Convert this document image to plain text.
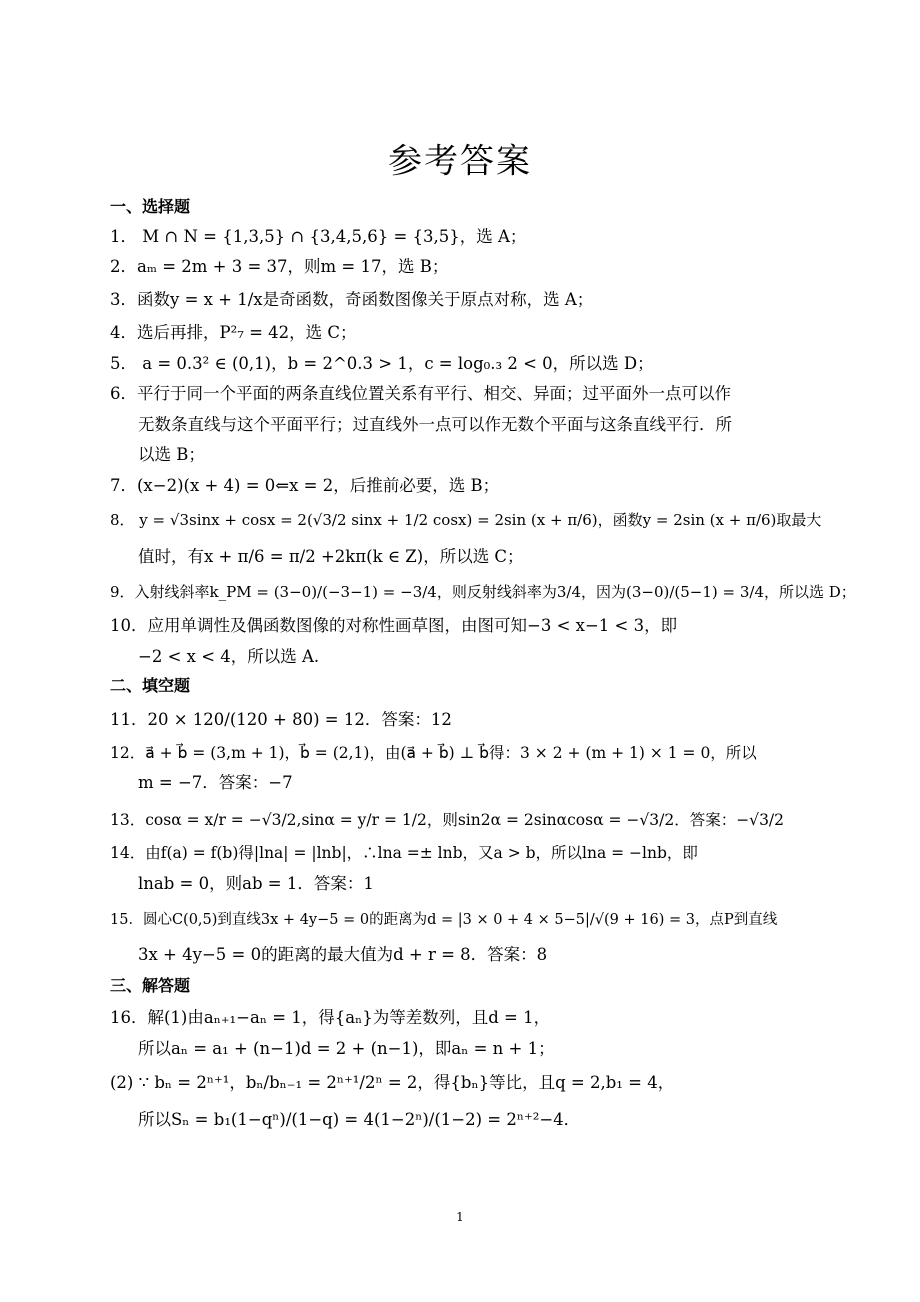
参考答案
一、选择题
1． M ∩ N = {1,3,5} ∩ {3,4,5,6} = {3,5}，选 A；
2．aₘ = 2m + 3 = 37，则m = 17，选 B；
3．函数y = x + 1/x是奇函数，奇函数图像关于原点对称，选 A；
4．选后再排，P²₇ = 42，选 C；
5． a = 0.3² ∈ (0,1)，b = 2^0.3 > 1，c = log₀.₃ 2 < 0，所以选 D；
6．平行于同一个平面的两条直线位置关系有平行、相交、异面；过平面外一点可以作
无数条直线与这个平面平行；过直线外一点可以作无数个平面与这条直线平行．所
以选 B；
7．(x−2)(x + 4) = 0⇐x = 2，后推前必要，选 B；
8． y = √3sinx + cosx = 2(√3/2 sinx + 1/2 cosx) = 2sin (x + π/6)，函数y = 2sin (x + π/6)取最大
值时，有x + π/6 = π/2 +2kπ(k ∈ Z)，所以选 C；
9．入射线斜率k_PM = (3−0)/(−3−1) = −3/4，则反射线斜率为3/4，因为(3−0)/(5−1) = 3/4，所以选 D；
10．应用单调性及偶函数图像的对称性画草图，由图可知−3 < x−1 < 3，即
−2 < x < 4，所以选 A.
二、填空题
11．20 × 120/(120 + 80) = 12．答案：12
12．a⃗ + b⃗ = (3,m + 1)，b⃗ = (2,1)，由(a⃗ + b⃗) ⊥ b⃗得：3 × 2 + (m + 1) × 1 = 0，所以
m = −7．答案：−7
13．cosα = x/r = −√3/2,sinα = y/r = 1/2，则sin2α = 2sinαcosα = −√3/2．答案：−√3/2
14．由f(a) = f(b)得|lna| = |lnb|，∴lna =± lnb，又a > b，所以lna = −lnb，即
lnab = 0，则ab = 1．答案：1
15．圆心C(0,5)到直线3x + 4y−5 = 0的距离为d = |3 × 0 + 4 × 5−5|/√(9 + 16) = 3，点P到直线
3x + 4y−5 = 0的距离的最大值为d + r = 8．答案：8
三、解答题
16．解(1)由aₙ₊₁−aₙ = 1，得{aₙ}为等差数列，且d = 1，
所以aₙ = a₁ + (n−1)d = 2 + (n−1)，即aₙ = n + 1；
(2) ∵ bₙ = 2ⁿ⁺¹，bₙ/bₙ₋₁ = 2ⁿ⁺¹/2ⁿ = 2，得{bₙ}等比，且q = 2,b₁ = 4，
所以Sₙ = b₁(1−qⁿ)/(1−q) = 4(1−2ⁿ)/(1−2) = 2ⁿ⁺²−4．
1
